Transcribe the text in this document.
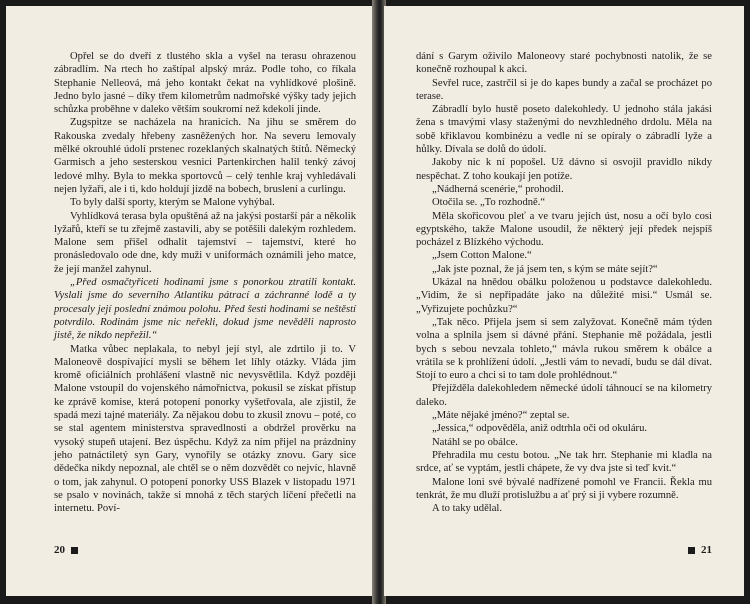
Opřel se do dveří z tlustého skla a vyšel na terasu ohrazenou zábradlím. Na rtech ho zaštípal alpský mráz. Podle toho, co říkala Stephanie Nelleová, má jeho kontakt čekat na vyhlídkové plošině. Jedno bylo jasné – díky třem kilometrům nadmořské výšky tady jejich schůzka proběhne v daleko větším soukromí než kdekoli jinde.

Zugspitze se nacházela na hranicích. Na jihu se směrem do Rakouska zvedaly hřebeny zasněžených hor. Na severu lemovaly mělké okrouhlé údolí prstenec rozeklaných skalnatých štítů. Německý Garmisch a jeho sesterskou vesnici Partenkirchen halil tenký závoj ledové mlhy. Byla to mekka sportovců – celý tenhle kraj vyhledávali nejen lyžaři, ale i ti, kdo holdují jízdě na bobech, bruslení a curlingu.

To byly další sporty, kterým se Malone vyhýbal.

Vyhlídková terasa byla opuštěná až na jakýsi postarší pár a několik lyžařů, kteří se tu zřejmě zastavili, aby se potěšili dalekým rozhledem. Malone sem přišel odhalit tajemství – tajemství, které ho pronásledovalo ode dne, kdy muži v uniformách oznámili jeho matce, že její manžel zahynul.

„Před osmačtyřiceti hodinami jsme s ponorkou ztratili kontakt. Vyslali jsme do severního Atlantiku pátrací a záchranné lodě a ty procesaly její poslední známou polohu. Před šesti hodinami se neštěstí potvrdilo. Rodinám jsme nic neřekli, dokud jsme nevěděli naprosto jistě, že nikdo nepřežil.“

Matka vůbec neplakala, to nebyl její styl, ale zdrtilo ji to. V Maloneově dospívající mysli se během let líhly otázky. Vláda jim kromě oficiálních prohlášení vlastně nic nevysvětlila. Když později Malone vstoupil do vojenského námořnictva, pokusil se získat přístup ke zprávě komise, která potopení ponorky vyšetřovala, ale zjistil, že spadá mezi tajné materiály. Za nějakou dobu to zkusil znovu – poté, co se stal agentem ministerstva spravedlnosti a obdržel prověrku na vysoký stupeň utajení. Bez úspěchu. Když za ním přijel na prázdniny jeho patnáctiletý syn Gary, vynořily se otázky znovu. Gary sice dědečka nikdy nepoznal, ale chtěl se o něm dozvědět co nejvíc, hlavně o tom, jak zahynul. O potopení ponorky USS Blazek v listopadu 1971 se psalo v novinách, takže si mnohá z těch starých líčení přečetli na internetu. Poví-

20

dání s Garym oživilo Maloneovy staré pochybnosti natolik, že se konečně rozhoupal k akci.

Sevřel ruce, zastrčil si je do kapes bundy a začal se procházet po terase.

Zábradlí bylo hustě poseto dalekohledy. U jednoho stála jakási žena s tmavými vlasy staženými do nevzhledného drdolu. Měla na sobě křiklavou kombinézu a vedle ní se opíraly o zábradlí lyže a hůlky. Dívala se dolů do údolí.

Jakoby nic k ní popošel. Už dávno si osvojil pravidlo nikdy nespěchat. Z toho koukají jen potíže.

„Nádherná scenérie,“ prohodil.

Otočila se. „To rozhodně.“

Měla skořicovou pleť a ve tvaru jejích úst, nosu a očí bylo cosi egyptského, takže Malone usoudil, že některý její předek nejspíš pocházel z Blízkého východu.

„Jsem Cotton Malone.“

„Jak jste poznal, že já jsem ten, s kým se máte sejít?“

Ukázal na hnědou obálku položenou u podstavce dalekohledu. „Vidím, že si nepřipadáte jako na důležité misi.“ Usmál se. „Vyřizujete pochůzku?“

„Tak něco. Přijela jsem si sem zalyžovat. Konečně mám týden volna a splnila jsem si dávné přání. Stephanie mě požádala, jestli bych s sebou nevzala tohleto,“ mávla rukou směrem k obálce a vrátila se k prohlížení údolí. „Jestli vám to nevadí, budu se dál dívat. Stojí to euro a chci si to tam dole prohlédnout.“

Přejížděla dalekohledem německé údolí táhnoucí se na kilometry daleko.

„Máte nějaké jméno?“ zeptal se.

„Jessica,“ odpověděla, aniž odtrhla oči od okuláru.

Natáhl se po obálce.

Přehradila mu cestu botou. „Ne tak hrr. Stephanie mi kladla na srdce, ať se vyptám, jestli chápete, že vy dva jste si teď kvit.“

Malone loni své bývalé nadřízené pomohl ve Francii. Řekla mu tenkrát, že mu dluží protislužbu a ať prý si ji vybere rozumně.

A to taky udělal.

21
